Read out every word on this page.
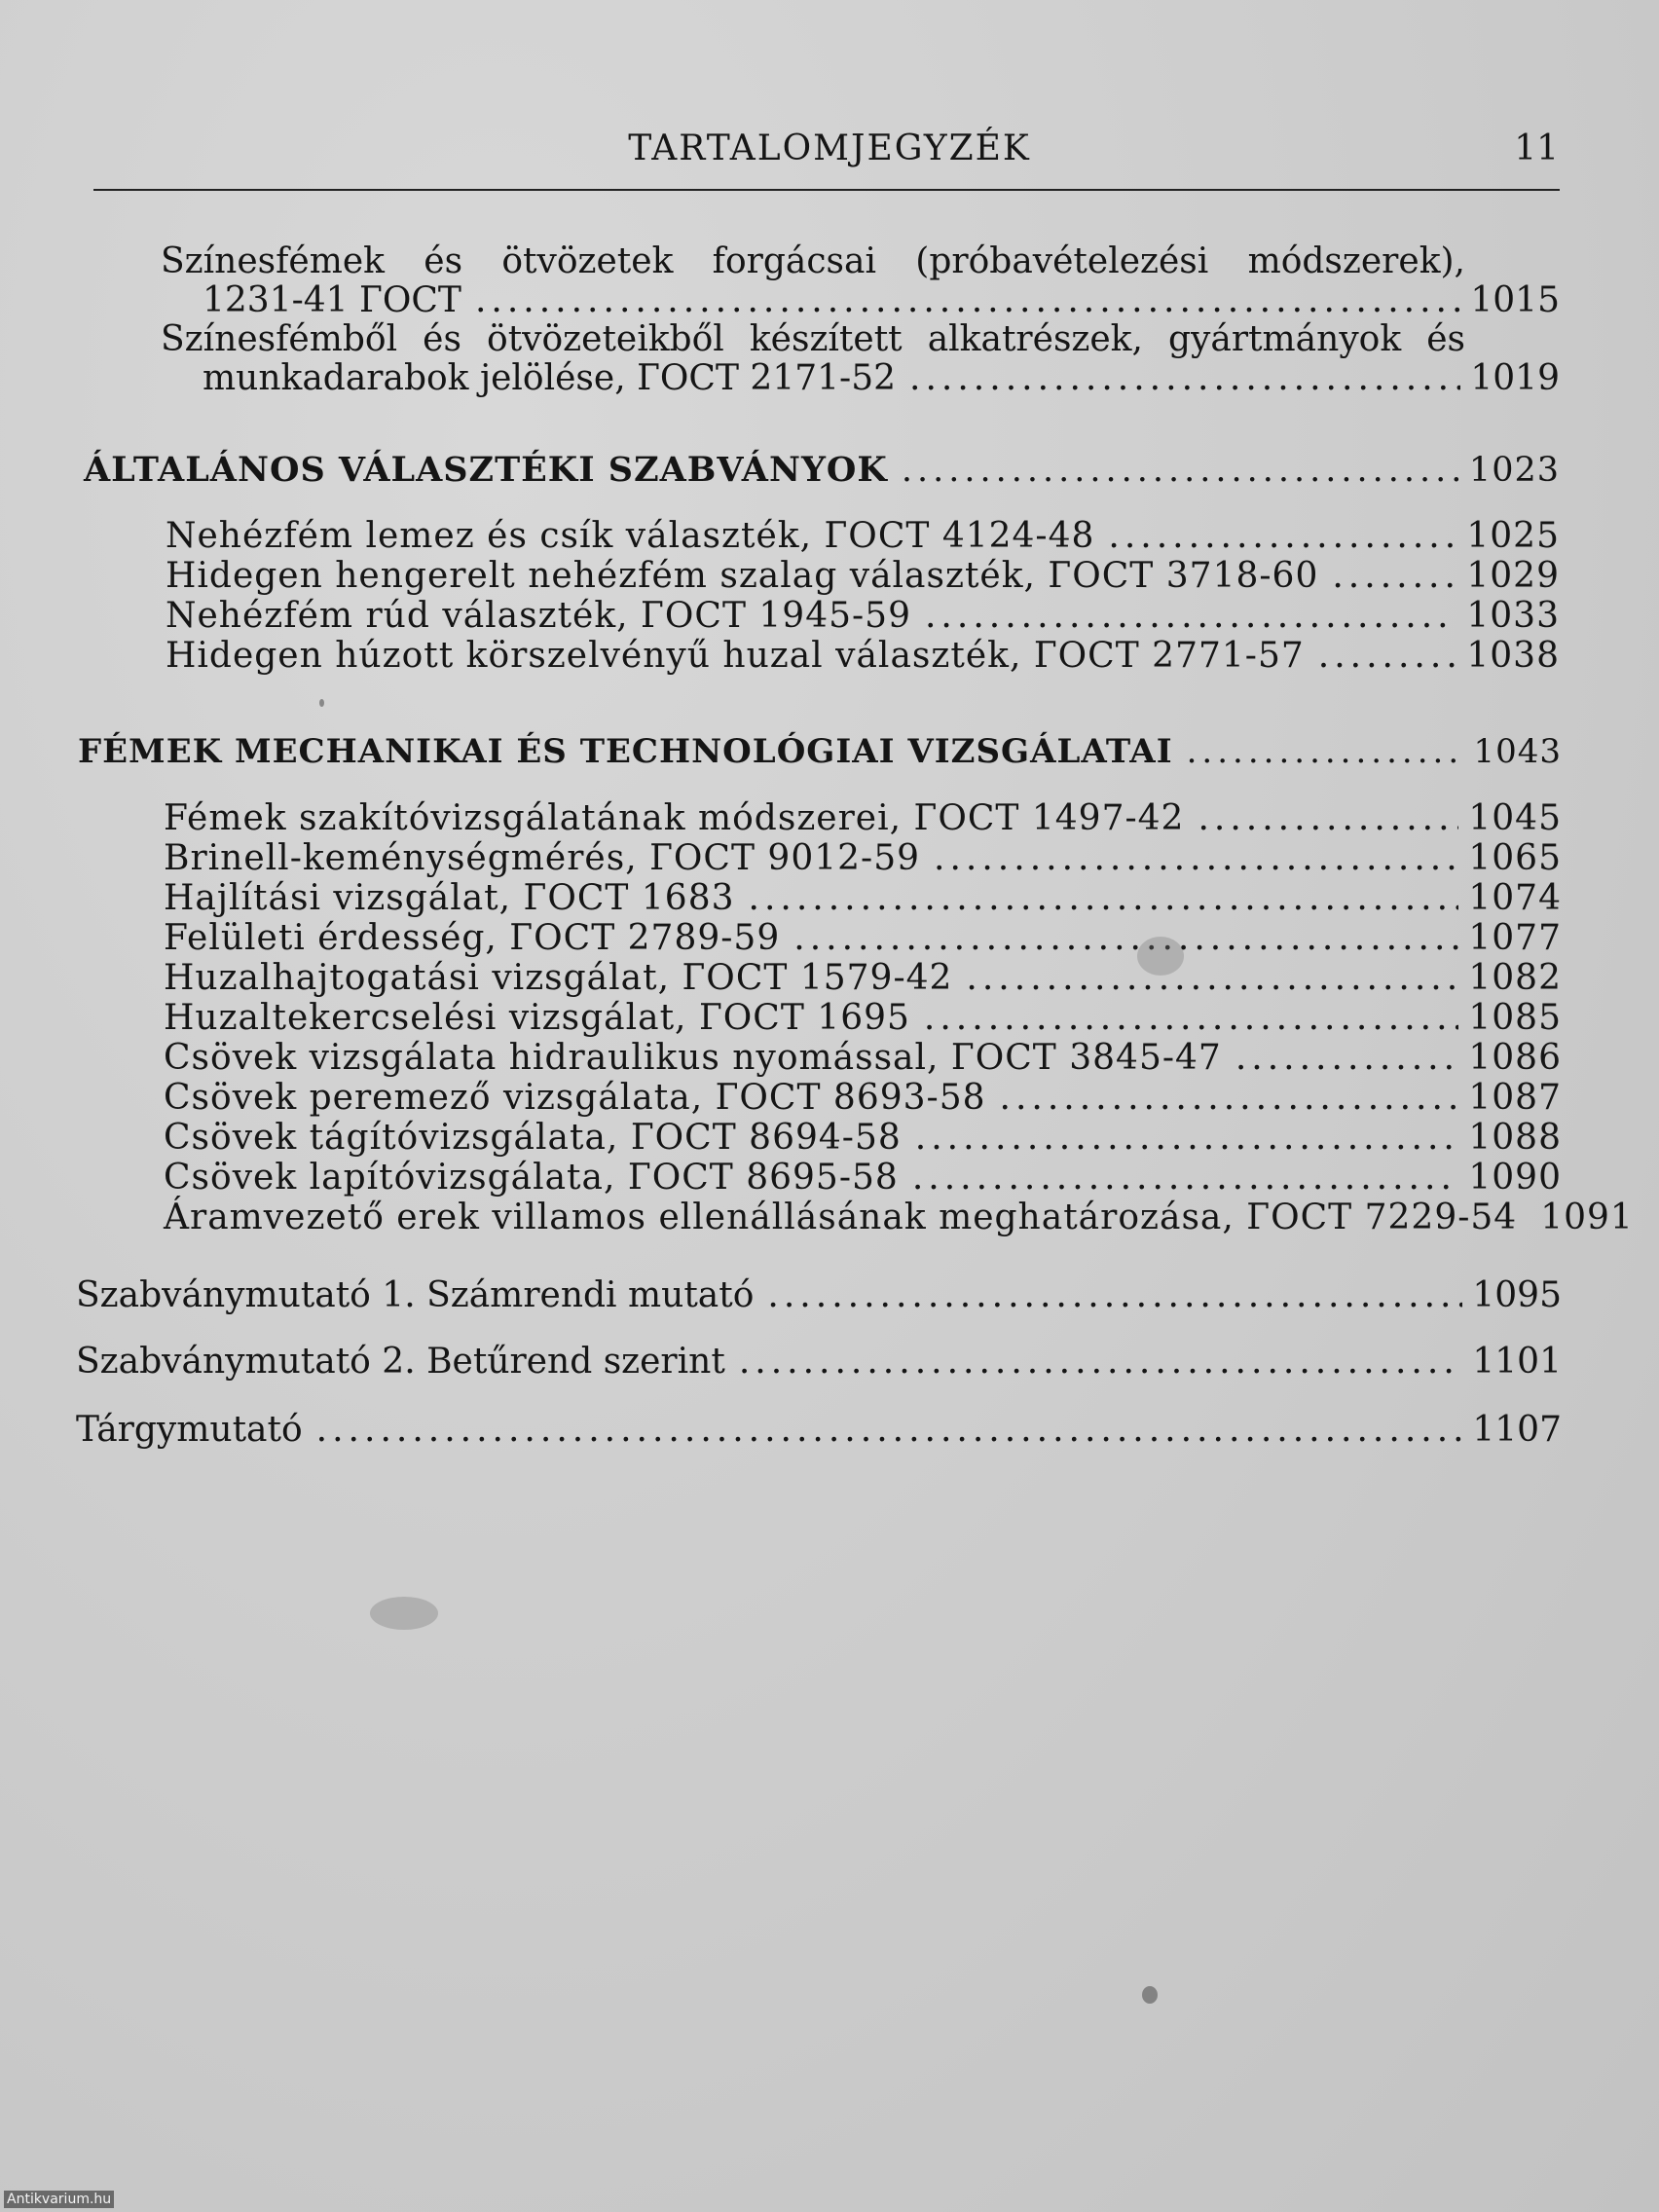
TARTALOMJEGYZÉK	11
Színesfémek és ötvözetek forgácsai (próbavételezési módszerek),
1231-41 ГОСТ .....	1015
Színesfémből és ötvözeteikből készített alkatrészek, gyártmányok és
munkadarabok jelölése, ГОСТ 2171-52 .....	1019
ÁLTALÁNOS VÁLASZTÉKI SZABVÁNYOK .....	1023
Nehézfém lemez és csík választék, ГОСТ 4124-48 .....	1025
Hidegen hengerelt nehézfém szalag választék, ГОСТ 3718-60 .....	1029
Nehézfém rúd választék, ГОСТ 1945-59 .....	1033
Hidegen húzott körszelvényű huzal választék, ГОСТ 2771-57 .....	1038
FÉMEK MECHANIKAI ÉS TECHNOLÓGIAI VIZSGÁLATAI .....	1043
Fémek szakítóvizsgálatának módszerei, ГОСТ 1497-42 .....	1045
Brinell-keménységmérés, ГОСТ 9012-59 .....	1065
Hajlítási vizsgálat, ГОСТ 1683 .....	1074
Felületi érdesség, ГОСТ 2789-59 .....	1077
Huzalhajtogatási vizsgálat, ГОСТ 1579-42 .....	1082
Huzaltekercselési vizsgálat, ГОСТ 1695 .....	1085
Csövek vizsgálata hidraulikus nyomással, ГОСТ 3845-47 .....	1086
Csövek peremező vizsgálata, ГОСТ 8693-58 .....	1087
Csövek tágítóvizsgálata, ГОСТ 8694-58 .....	1088
Csövek lapítóvizsgálata, ГОСТ 8695-58 .....	1090
Áramvezető erek villamos ellenállásának meghatározása, ГОСТ 7229-54 1091
Szabványmutató 1. Számrendi mutató .....	1095
Szabványmutató 2. Betűrend szerint .....	1101
Tárgymutató .....	1107
Antikvarium.hu
